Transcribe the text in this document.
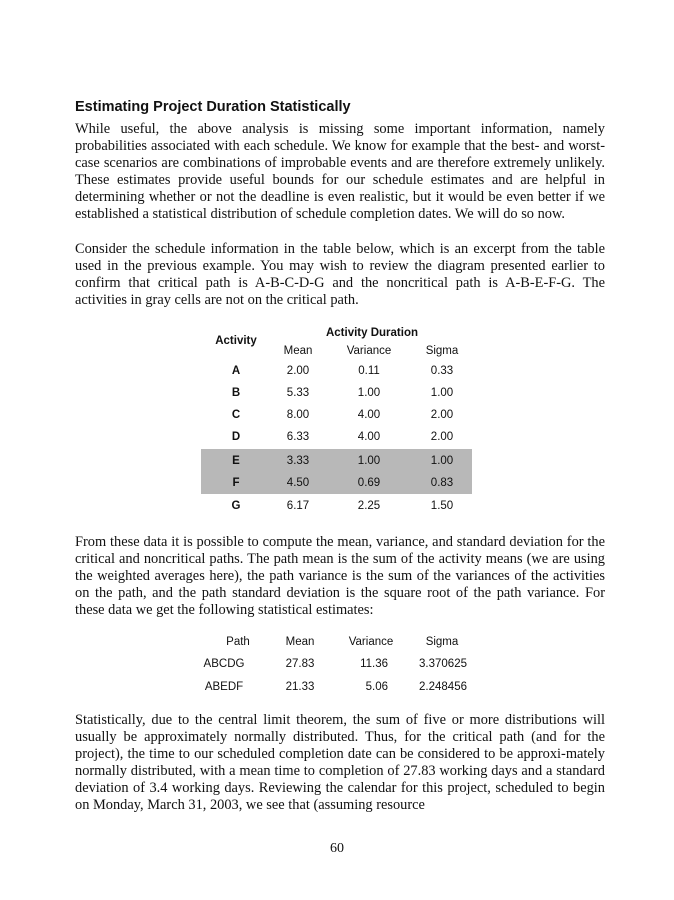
Estimating Project Duration Statistically

While useful, the above analysis is missing some important information, namely probabilities associated with each schedule. We know for example that the best- and worst-case scenarios are combinations of improbable events and are therefore extremely unlikely. These estimates provide useful bounds for our schedule estimates and are helpful in determining whether or not the deadline is even realistic, but it would be even better if we established a statistical distribution of schedule completion dates. We will do so now.

Consider the schedule information in the table below, which is an excerpt from the table used in the previous example. You may wish to review the diagram presented earlier to confirm that critical path is A-B-C-D-G and the noncritical path is A-B-E-F-G. The activities in gray cells are not on the critical path.

Activity
Activity Duration
Mean	Variance	Sigma
A	2.00	0.11	0.33
B	5.33	1.00	1.00
C	8.00	4.00	2.00
D	6.33	4.00	2.00
E	3.33	1.00	1.00
F	4.50	0.69	0.83
G	6.17	2.25	1.50

From these data it is possible to compute the mean, variance, and standard deviation for the critical and noncritical paths. The path mean is the sum of the activity means (we are using the weighted averages here), the path variance is the sum of the variances of the activities on the path, and the path standard deviation is the square root of the path variance. For these data we get the following statistical estimates:

Path	Mean	Variance	Sigma
ABCDG	27.83	11.36	3.370625
ABEDF	21.33	5.06	2.248456

Statistically, due to the central limit theorem, the sum of five or more distributions will usually be approximately normally distributed. Thus, for the critical path (and for the project), the time to our scheduled completion date can be considered to be approxi-mately normally distributed, with a mean time to completion of 27.83 working days and a standard deviation of 3.4 working days. Reviewing the calendar for this project, scheduled to begin on Monday, March 31, 2003, we see that (assuming resource

60
